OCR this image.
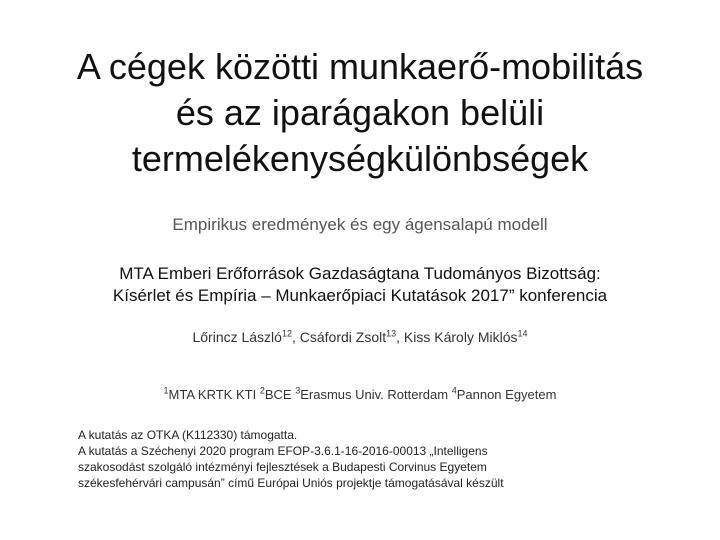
A cégek közötti munkaerő-mobilitás
és az iparágakon belüli
termelékenységkülönbségek
Empirikus eredmények és egy ágensalapú modell
MTA Emberi Erőforrások Gazdaságtana Tudományos Bizottság:
Kísérlet és Empíria – Munkaerőpiaci Kutatások 2017” konferencia
Lőrincz László$^{12}$, Csáfordi Zsolt$^{13}$, Kiss Károly Miklós$^{14}$
$^1$MTA KRTK KTI $^2$BCE $^3$Erasmus Univ. Rotterdam $^4$Pannon Egyetem
A kutatás az OTKA (K112330) támogatta.
A kutatás a Széchenyi 2020 program EFOP-3.6.1-16-2016-00013 „Intelligens
szakosodást szolgáló intézményi fejlesztések a Budapesti Corvinus Egyetem
székesfehérvári campusán” című Európai Uniós projektje támogatásával készült
